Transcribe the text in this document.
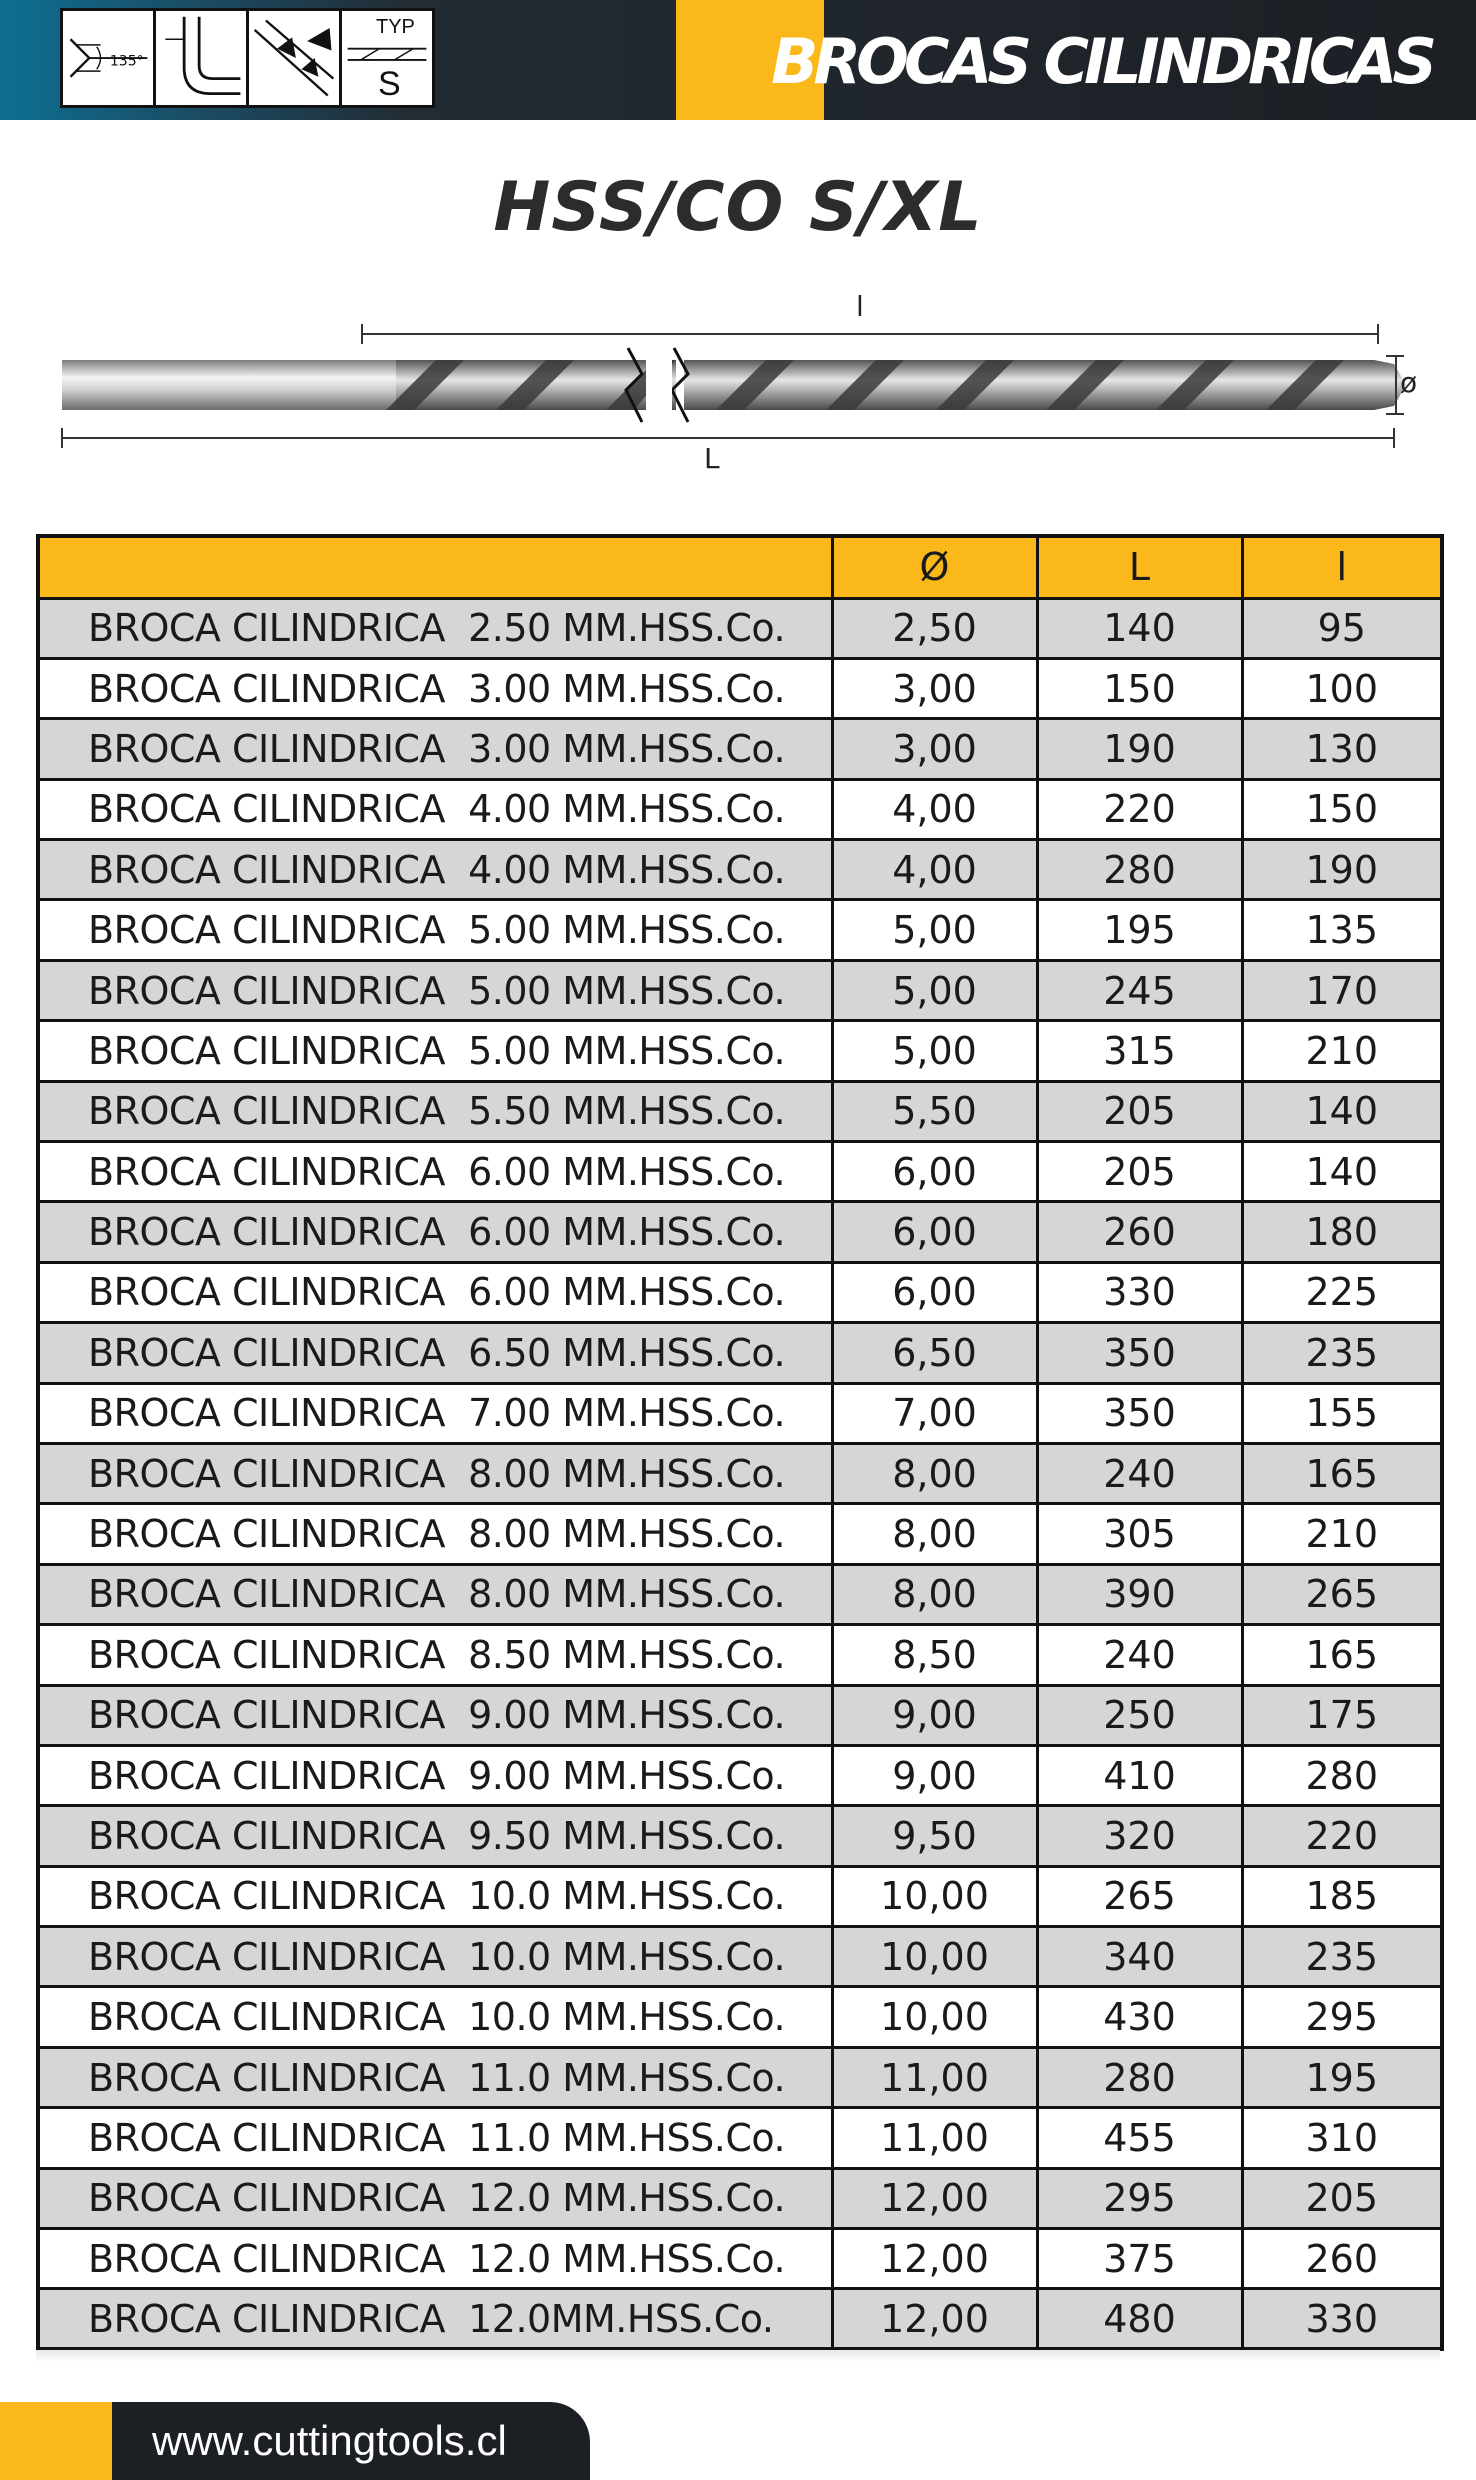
135°
TYP
S	BROCAS CILINDRICAS
HSS/CO S/XL
l
L
ø
	Ø	L	l
BROCA CILINDRICA  2.50 MM.HSS.Co.	2,50	140	95
BROCA CILINDRICA  3.00 MM.HSS.Co.	3,00	150	100
BROCA CILINDRICA  3.00 MM.HSS.Co.	3,00	190	130
BROCA CILINDRICA  4.00 MM.HSS.Co.	4,00	220	150
BROCA CILINDRICA  4.00 MM.HSS.Co.	4,00	280	190
BROCA CILINDRICA  5.00 MM.HSS.Co.	5,00	195	135
BROCA CILINDRICA  5.00 MM.HSS.Co.	5,00	245	170
BROCA CILINDRICA  5.00 MM.HSS.Co.	5,00	315	210
BROCA CILINDRICA  5.50 MM.HSS.Co.	5,50	205	140
BROCA CILINDRICA  6.00 MM.HSS.Co.	6,00	205	140
BROCA CILINDRICA  6.00 MM.HSS.Co.	6,00	260	180
BROCA CILINDRICA  6.00 MM.HSS.Co.	6,00	330	225
BROCA CILINDRICA  6.50 MM.HSS.Co.	6,50	350	235
BROCA CILINDRICA  7.00 MM.HSS.Co.	7,00	350	155
BROCA CILINDRICA  8.00 MM.HSS.Co.	8,00	240	165
BROCA CILINDRICA  8.00 MM.HSS.Co.	8,00	305	210
BROCA CILINDRICA  8.00 MM.HSS.Co.	8,00	390	265
BROCA CILINDRICA  8.50 MM.HSS.Co.	8,50	240	165
BROCA CILINDRICA  9.00 MM.HSS.Co.	9,00	250	175
BROCA CILINDRICA  9.00 MM.HSS.Co.	9,00	410	280
BROCA CILINDRICA  9.50 MM.HSS.Co.	9,50	320	220
BROCA CILINDRICA  10.0 MM.HSS.Co.	10,00	265	185
BROCA CILINDRICA  10.0 MM.HSS.Co.	10,00	340	235
BROCA CILINDRICA  10.0 MM.HSS.Co.	10,00	430	295
BROCA CILINDRICA  11.0 MM.HSS.Co.	11,00	280	195
BROCA CILINDRICA  11.0 MM.HSS.Co.	11,00	455	310
BROCA CILINDRICA  12.0 MM.HSS.Co.	12,00	295	205
BROCA CILINDRICA  12.0 MM.HSS.Co.	12,00	375	260
BROCA CILINDRICA  12.0MM.HSS.Co.	12,00	480	330
www.cuttingtools.cl
